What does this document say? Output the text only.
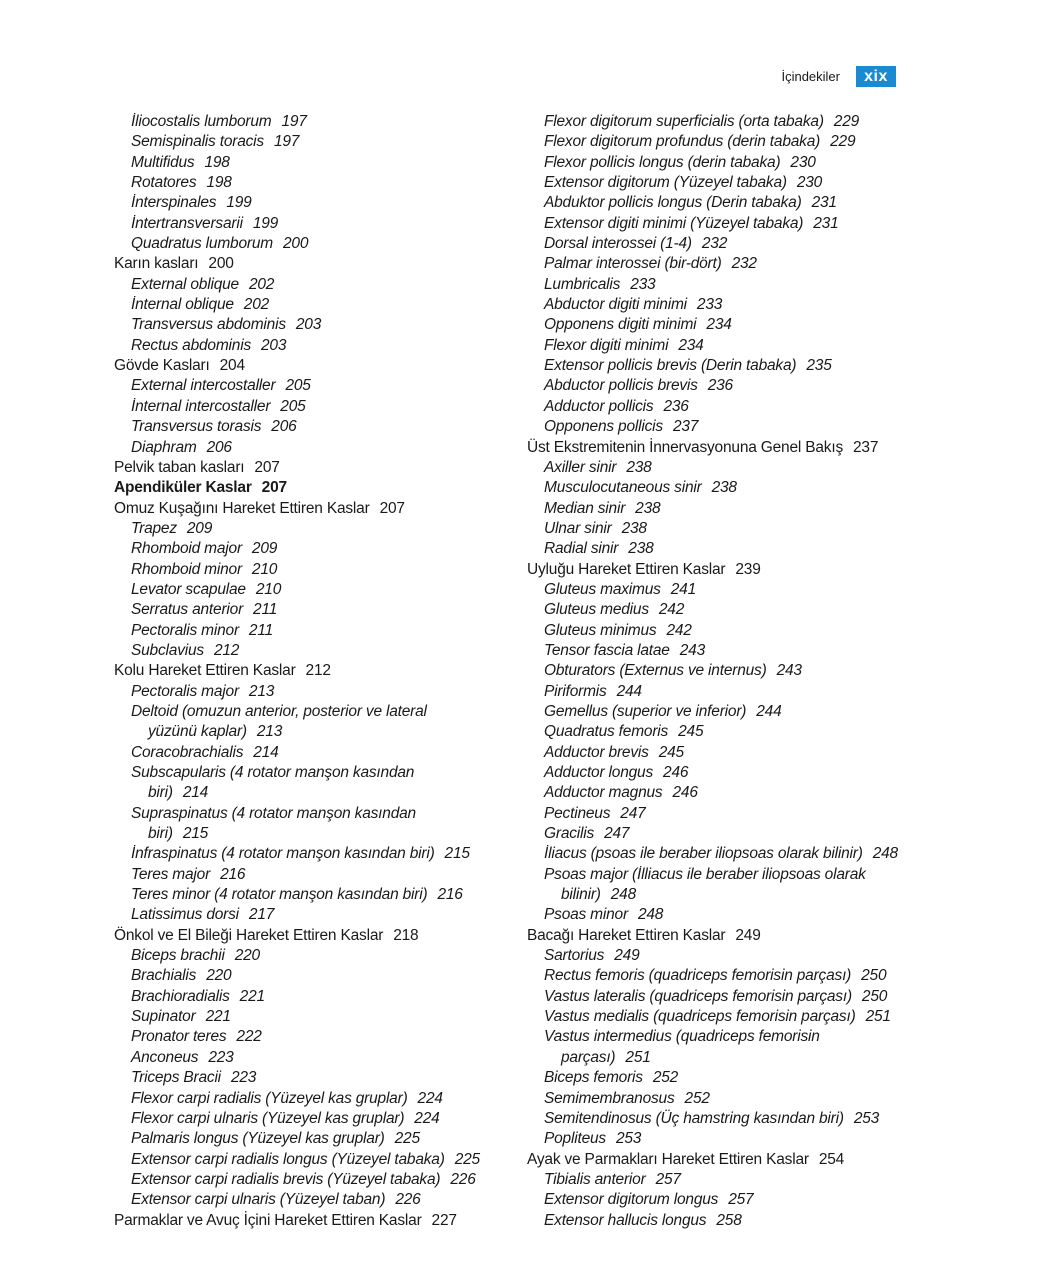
İçindekiler	xix
İliocostalis lumborum 197
Semispinalis toracis 197
Multifidus 198
Rotatores 198
İnterspinales 199
İntertransversarii 199
Quadratus lumborum 200
Karın kasları 200
External oblique 202
İnternal oblique 202
Transversus abdominis 203
Rectus abdominis 203
Gövde Kasları 204
External intercostaller 205
İnternal intercostaller 205
Transversus torasis 206
Diaphram 206
Pelvik taban kasları 207
Apendiküler Kaslar 207
Omuz Kuşağını Hareket Ettiren Kaslar 207
Trapez 209
Rhomboid major 209
Rhomboid minor 210
Levator scapulae 210
Serratus anterior 211
Pectoralis minor 211
Subclavius 212
Kolu Hareket Ettiren Kaslar 212
Pectoralis major 213
Deltoid (omuzun anterior, posterior ve lateral
yüzünü kaplar) 213
Coracobrachialis 214
Subscapularis (4 rotator manşon kasından
biri) 214
Supraspinatus (4 rotator manşon kasından
biri) 215
İnfraspinatus (4 rotator manşon kasından biri) 215
Teres major 216
Teres minor (4 rotator manşon kasından biri) 216
Latissimus dorsi 217
Önkol ve El Bileği Hareket Ettiren Kaslar 218
Biceps brachii 220
Brachialis 220
Brachioradialis 221
Supinator 221
Pronator teres 222
Anconeus 223
Triceps Bracii 223
Flexor carpi radialis (Yüzeyel kas gruplar) 224
Flexor carpi ulnaris (Yüzeyel kas gruplar) 224
Palmaris longus (Yüzeyel kas gruplar) 225
Extensor carpi radialis longus (Yüzeyel tabaka) 225
Extensor carpi radialis brevis (Yüzeyel tabaka) 226
Extensor carpi ulnaris (Yüzeyel taban) 226
Parmaklar ve Avuç İçini Hareket Ettiren Kaslar 227
Flexor digitorum superficialis (orta tabaka) 229
Flexor digitorum profundus (derin tabaka) 229
Flexor pollicis longus (derin tabaka) 230
Extensor digitorum (Yüzeyel tabaka) 230
Abduktor pollicis longus (Derin tabaka) 231
Extensor digiti minimi (Yüzeyel tabaka) 231
Dorsal interossei (1-4) 232
Palmar interossei (bir-dört) 232
Lumbricalis 233
Abductor digiti minimi 233
Opponens digiti minimi 234
Flexor digiti minimi 234
Extensor pollicis brevis (Derin tabaka) 235
Abductor pollicis brevis 236
Adductor pollicis 236
Opponens pollicis 237
Üst Ekstremitenin İnnervasyonuna Genel Bakış 237
Axiller sinir 238
Musculocutaneous sinir 238
Median sinir 238
Ulnar sinir 238
Radial sinir 238
Uyluğu Hareket Ettiren Kaslar 239
Gluteus maximus 241
Gluteus medius 242
Gluteus minimus 242
Tensor fascia latae 243
Obturators (Externus ve internus) 243
Piriformis 244
Gemellus (superior ve inferior) 244
Quadratus femoris 245
Adductor brevis 245
Adductor longus 246
Adductor magnus 246
Pectineus 247
Gracilis 247
İliacus (psoas ile beraber iliopsoas olarak bilinir) 248
Psoas major (İlliacus ile beraber iliopsoas olarak
bilinir) 248
Psoas minor 248
Bacağı Hareket Ettiren Kaslar 249
Sartorius 249
Rectus femoris (quadriceps femorisin parçası) 250
Vastus lateralis (quadriceps femorisin parçası) 250
Vastus medialis (quadriceps femorisin parçası) 251
Vastus intermedius (quadriceps femorisin
parçası) 251
Biceps femoris 252
Semimembranosus 252
Semitendinosus (Üç hamstring kasından biri) 253
Popliteus 253
Ayak ve Parmakları Hareket Ettiren Kaslar 254
Tibialis anterior 257
Extensor digitorum longus 257
Extensor hallucis longus 258
